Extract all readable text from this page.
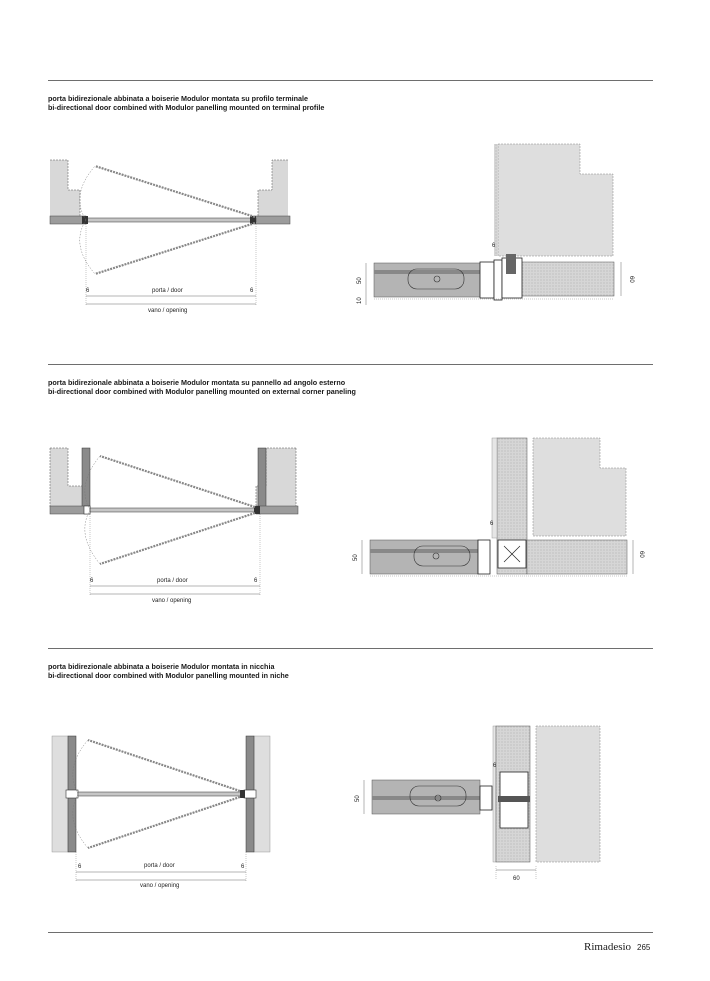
porta bidirezionale abbinata a boiserie Modulor montata su profilo terminale
bi-directional door combined with Modulor panelling mounted on terminal profile
porta bidirezionale abbinata a boiserie Modulor montata su pannello ad angolo esterno
bi-directional door combined with Modulor panelling mounted on external corner paneling
porta bidirezionale abbinata a boiserie Modulor montata in nicchia
bi-directional door combined with Modulor panelling mounted in niche
6	6
porta / door
vano / opening
6
50
10
60
6	6
porta / door
vano / opening
6
50	60
6	6
porta / door
vano / opening
6
50
60
Rimadesio 265
